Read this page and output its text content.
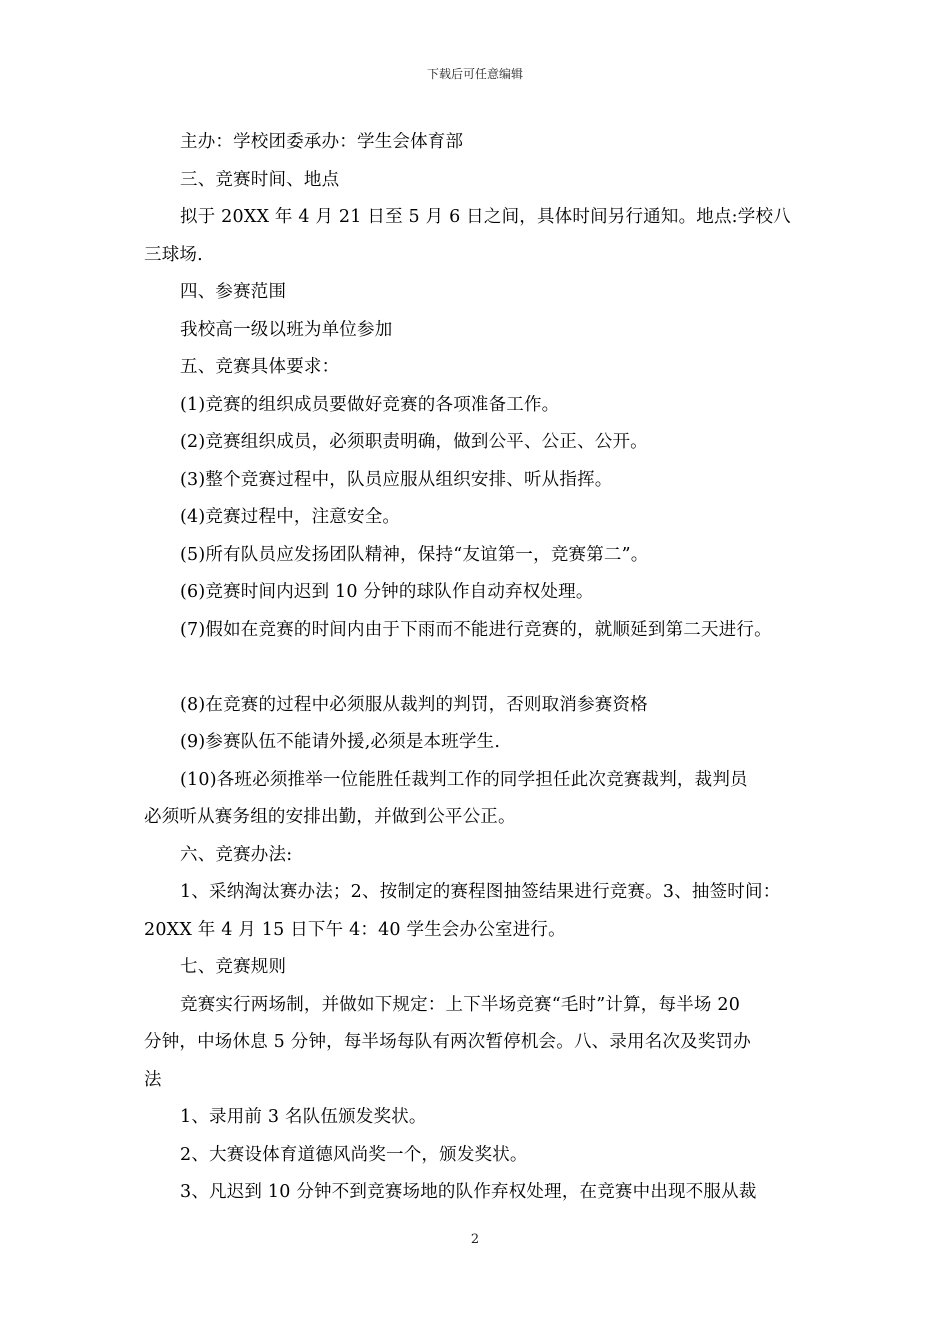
下载后可任意编辑
主办：学校团委承办：学生会体育部
三、竞赛时间、地点
拟于 20XX 年 4 月 21 日至 5 月 6 日之间，具体时间另行通知。地点:学校八
三球场.
四、参赛范围
我校高一级以班为单位参加
五、竞赛具体要求：
(1)竞赛的组织成员要做好竞赛的各项准备工作。
(2)竞赛组织成员，必须职责明确，做到公平、公正、公开。
(3)整个竞赛过程中，队员应服从组织安排、听从指挥。
(4)竞赛过程中，注意安全。
(5)所有队员应发扬团队精神，保持“友谊第一，竞赛第二”。
(6)竞赛时间内迟到 10 分钟的球队作自动弃权处理。
(7)假如在竞赛的时间内由于下雨而不能进行竞赛的，就顺延到第二天进行。
(8)在竞赛的过程中必须服从裁判的判罚，否则取消参赛资格
(9)参赛队伍不能请外援,必须是本班学生.
(10)各班必须推举一位能胜任裁判工作的同学担任此次竞赛裁判，裁判员
必须听从赛务组的安排出勤，并做到公平公正。
六、竞赛办法:
1、采纳淘汰赛办法；2、按制定的赛程图抽签结果进行竞赛。3、抽签时间：
20XX 年 4 月 15 日下午 4：40 学生会办公室进行。
七、竞赛规则
竞赛实行两场制，并做如下规定：上下半场竞赛“毛时”计算，每半场 20
分钟，中场休息 5 分钟，每半场每队有两次暂停机会。八、录用名次及奖罚办
法
1、录用前 3 名队伍颁发奖状。
2、大赛设体育道德风尚奖一个，颁发奖状。
3、凡迟到 10 分钟不到竞赛场地的队作弃权处理，在竞赛中出现不服从裁
2
